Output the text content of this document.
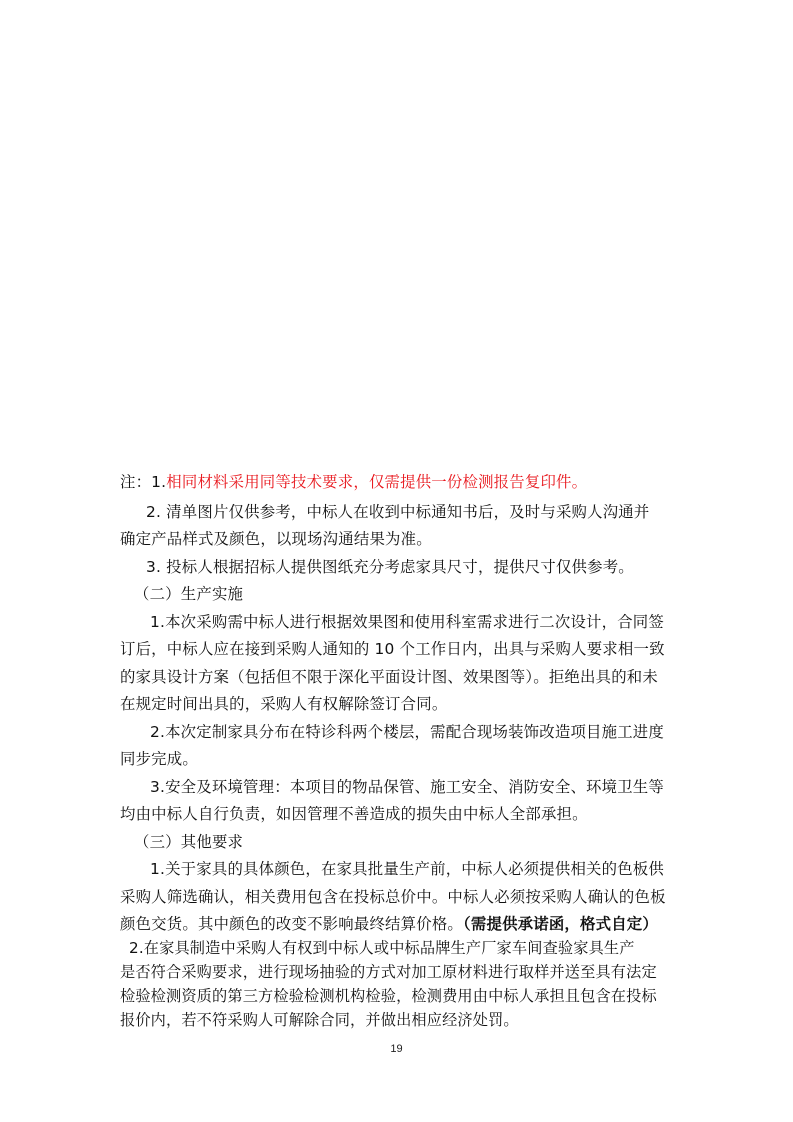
注：1.相同材料采用同等技术要求，仅需提供一份检测报告复印件。
2. 清单图片仅供参考，中标人在收到中标通知书后，及时与采购人沟通并
确定产品样式及颜色，以现场沟通结果为准。
3. 投标人根据招标人提供图纸充分考虑家具尺寸，提供尺寸仅供参考。
（二）生产实施
1.本次采购需中标人进行根据效果图和使用科室需求进行二次设计，合同签
订后，中标人应在接到采购人通知的 10 个工作日内，出具与采购人要求相一致
的家具设计方案（包括但不限于深化平面设计图、效果图等）。拒绝出具的和未
在规定时间出具的，采购人有权解除签订合同。
2.本次定制家具分布在特诊科两个楼层，需配合现场装饰改造项目施工进度
同步完成。
3.安全及环境管理：本项目的物品保管、施工安全、消防安全、环境卫生等
均由中标人自行负责，如因管理不善造成的损失由中标人全部承担。
（三）其他要求
1.关于家具的具体颜色，在家具批量生产前，中标人必须提供相关的色板供
采购人筛选确认，相关费用包含在投标总价中。中标人必须按采购人确认的色板
颜色交货。其中颜色的改变不影响最终结算价格。（需提供承诺函，格式自定）
2.在家具制造中采购人有权到中标人或中标品牌生产厂家车间查验家具生产
是否符合采购要求，进行现场抽验的方式对加工原材料进行取样并送至具有法定
检验检测资质的第三方检验检测机构检验，检测费用由中标人承担且包含在投标
报价内，若不符采购人可解除合同，并做出相应经济处罚。
19
